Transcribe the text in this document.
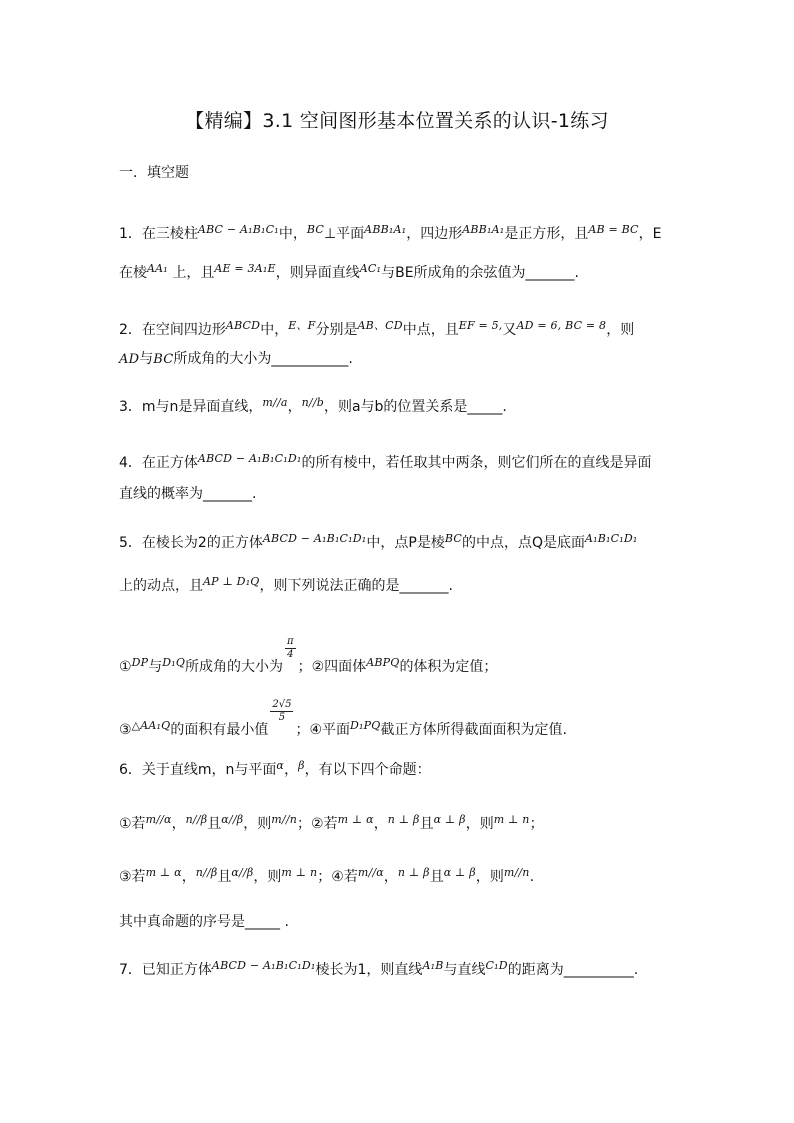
【精编】3.1 空间图形基本位置关系的认识-1练习
一．填空题
1．在三棱柱$^{ABC - A_1B_1C_1}$中，$^{BC}$⊥平面$^{ABB_1A_1}$，四边形$^{ABB_1A_1}$是正方形，且$^{AB = BC}$，E
在棱$^{AA_1}$ 上，且$^{AE = 3A_1E}$，则异面直线$^{AC_1}$与BE所成角的余弦值为_______.
2．在空间四边形$^{ABCD}$中，$^{E、F}$分别是$^{AB、CD}$中点，且$^{EF = 5,}$又$^{AD = 6, BC = 8}$，则
AD与BC所成角的大小为___________.
3．m与n是异面直线，$^{m//a}$，$^{n//b}$，则a与b的位置关系是_____.
4．在正方体$^{ABCD - A_1B_1C_1D_1}$的所有棱中，若任取其中两条，则它们所在的直线是异面
直线的概率为_______.
5．在棱长为2的正方体$^{ABCD - A_1B_1C_1D_1}$中，点P是棱$^{BC}$的中点，点Q是底面$^{A_1B_1C_1D_1}$
上的动点，且$^{AP \perp D_1Q}$，则下列说法正确的是_______.
①$^{DP}$与$^{D_1Q}$所成角的大小为 $\frac{\pi}{4}$ ；②四面体$^{ABPQ}$的体积为定值；
③$^{\triangle AA_1Q}$的面积有最小值 $\frac{2√5}{5}$ ；④平面$^{D_1PQ}$截正方体所得截面面积为定值.
6．关于直线m，n与平面$^\alpha$，$^\beta$，有以下四个命题：
①若$^{m//\alpha}$，$^{n//\beta}$且$^{\alpha//\beta}$，则$^{m//n}$；②若$^{m \perp \alpha}$，$^{n \perp \beta}$且$^{\alpha \perp \beta}$，则$^{m \perp n}$；
③若$^{m \perp \alpha}$，$^{n//\beta}$且$^{\alpha//\beta}$，则$^{m \perp n}$；④若$^{m//\alpha}$，$^{n \perp \beta}$且$^{\alpha \perp \beta}$，则$^{m//n}$.
其中真命题的序号是_____ .
7．已知正方体$^{ABCD - A_1B_1C_1D_1}$棱长为1，则直线$^{A_1B}$与直线$^{C_1D}$的距离为__________.
